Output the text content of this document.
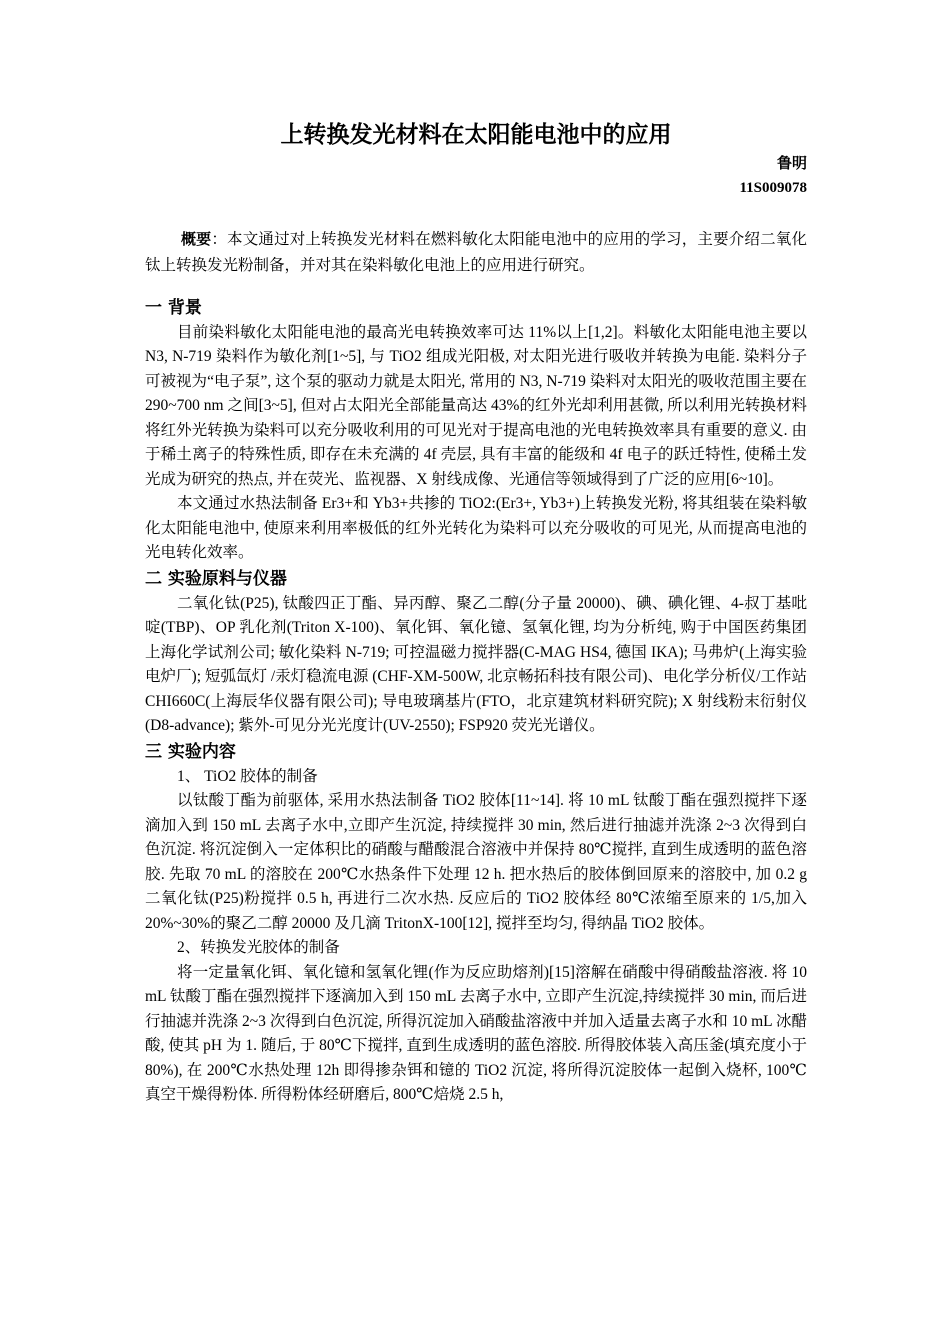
上转换发光材料在太阳能电池中的应用

鲁明

11S009078

概要：本文通过对上转换发光材料在燃料敏化太阳能电池中的应用的学习，主要介绍二氧化钛上转换发光粉制备，并对其在染料敏化电池上的应用进行研究。

一 背景

目前染料敏化太阳能电池的最高光电转换效率可达 11%以上[1,2]。料敏化太阳能电池主要以 N3, N-719 染料作为敏化剂[1~5], 与 TiO2 组成光阳极, 对太阳光进行吸收并转换为电能. 染料分子可被视为“电子泵”, 这个泵的驱动力就是太阳光, 常用的 N3, N-719 染料对太阳光的吸收范围主要在 290~700 nm 之间[3~5], 但对占太阳光全部能量高达 43%的红外光却利用甚微, 所以利用光转换材料将红外光转换为染料可以充分吸收利用的可见光对于提高电池的光电转换效率具有重要的意义. 由于稀土离子的特殊性质, 即存在未充满的 4f 壳层, 具有丰富的能级和 4f 电子的跃迁特性, 使稀土发光成为研究的热点, 并在荧光、监视器、X 射线成像、光通信等领域得到了广泛的应用[6~10]。

本文通过水热法制备 Er3+和 Yb3+共掺的 TiO2:(Er3+, Yb3+)上转换发光粉, 将其组装在染料敏化太阳能电池中, 使原来利用率极低的红外光转化为染料可以充分吸收的可见光, 从而提高电池的光电转化效率。

二 实验原料与仪器

二氧化钛(P25), 钛酸四正丁酯、异丙醇、聚乙二醇(分子量 20000)、碘、碘化锂、4-叔丁基吡啶(TBP)、OP 乳化剂(Triton X-100)、氧化铒、氧化镱、氢氧化锂, 均为分析纯, 购于中国医药集团上海化学试剂公司; 敏化染料 N-719; 可控温磁力搅拌器(C-MAG HS4, 德国 IKA); 马弗炉(上海实验电炉厂); 短弧氙灯 /汞灯稳流电源 (CHF-XM-500W, 北京畅拓科技有限公司)、电化学分析仪/工作站 CHI660C(上海辰华仪器有限公司); 导电玻璃基片(FTO，北京建筑材料研究院); X 射线粉末衍射仪(D8-advance); 紫外-可见分光光度计(UV-2550); FSP920 荧光光谱仪。

三 实验内容

1、 TiO2 胶体的制备

以钛酸丁酯为前驱体, 采用水热法制备 TiO2 胶体[11~14]. 将 10 mL 钛酸丁酯在强烈搅拌下逐滴加入到 150 mL 去离子水中,立即产生沉淀, 持续搅拌 30 min, 然后进行抽滤并洗涤 2~3 次得到白色沉淀. 将沉淀倒入一定体积比的硝酸与醋酸混合溶液中并保持 80℃搅拌, 直到生成透明的蓝色溶胶. 先取 70 mL 的溶胶在 200℃水热条件下处理 12 h. 把水热后的胶体倒回原来的溶胶中, 加 0.2 g 二氧化钛(P25)粉搅拌 0.5 h, 再进行二次水热. 反应后的 TiO2 胶体经 80℃浓缩至原来的 1/5,加入 20%~30%的聚乙二醇 20000 及几滴 TritonX-100[12], 搅拌至均匀, 得纳晶 TiO2 胶体。

2、转换发光胶体的制备

将一定量氧化铒、氧化镱和氢氧化锂(作为反应助熔剂)[15]溶解在硝酸中得硝酸盐溶液. 将 10 mL 钛酸丁酯在强烈搅拌下逐滴加入到 150 mL 去离子水中, 立即产生沉淀,持续搅拌 30 min, 而后进行抽滤并洗涤 2~3 次得到白色沉淀, 所得沉淀加入硝酸盐溶液中并加入适量去离子水和 10 mL 冰醋酸, 使其 pH 为 1. 随后, 于 80℃下搅拌, 直到生成透明的蓝色溶胶. 所得胶体装入高压釜(填充度小于 80%), 在 200℃水热处理 12h 即得掺杂铒和镱的 TiO2 沉淀, 将所得沉淀胶体一起倒入烧杯, 100℃真空干燥得粉体. 所得粉体经研磨后, 800℃焙烧 2.5 h,
